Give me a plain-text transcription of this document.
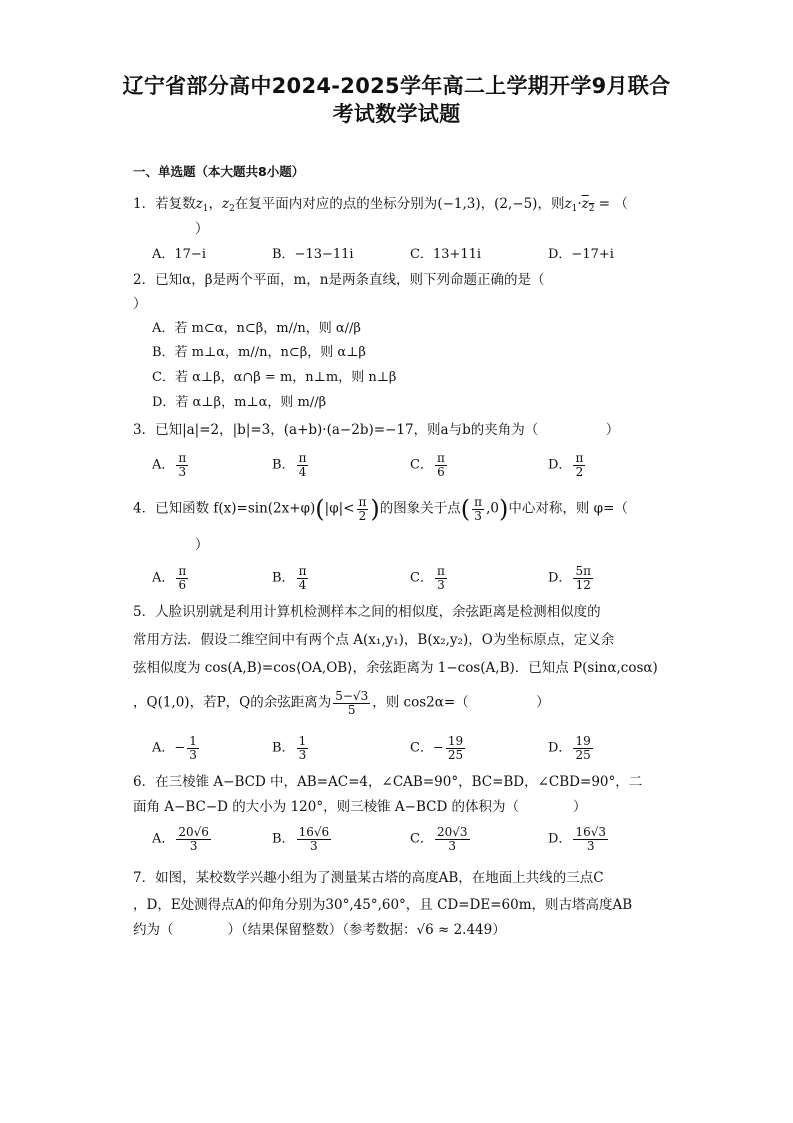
辽宁省部分高中2024-2025学年高二上学期开学9月联合
考试数学试题
一、单选题（本大题共8小题）
1．若复数$z_1$，$z_2$在复平面内对应的点的坐标分别为(−1,3)，(2,−5)，则$z_1\cdot z_2$ = （
）
A．17−i	B．−13−11i	C．13+11i	D．−17+i
2．已知α，β是两个平面，m，n是两条直线，则下列命题正确的是（
）
A．若 m⊂α，n⊂β，m//n，则 α//β
B．若 m⊥α，m//n，n⊂β，则 α⊥β
C．若 α⊥β，α∩β = m，n⊥m，则 n⊥β
D．若 α⊥β，m⊥α，则 m//β
3．已知|a|=2，|b|=3，(a+b)·(a−2b)=−17，则a与b的夹角为（　　　　　）
A． $\frac{\pi}{3}$	B． $\frac{\pi}{4}$	C． $\frac{\pi}{6}$	D． $\frac{\pi}{2}$
4．已知函数 $f(x)=\sin(2x+\varphi)(|\varphi|< \frac{\pi}{2}$ )的图象关于点( $\frac{\pi}{3} ,0$)中心对称，则 φ=（
）
A． $\frac{\pi}{6}$	B． $\frac{\pi}{4}$	C． $\frac{\pi}{3}$	D． $\frac{5\pi}{12}$
5．人脸识别就是利用计算机检测样本之间的相似度，余弦距离是检测相似度的
常用方法．假设二维空间中有两个点 A(x₁,y₁)，B(x₂,y₂)，O为坐标原点，定义余
弦相似度为 cos(A,B)=cos⟨OA,OB⟩，余弦距离为 1−cos(A,B)．已知点 P(sinα,cosα)
，Q(1,0)，若P，Q的余弦距离为 $\frac{5-√3}{5}$ ，则 cos2α=（　　　　　）
A．− $\frac{1}{3}$	B． $\frac{1}{3}$	C．− $\frac{19}{25}$	D． $\frac{19}{25}$
6．在三棱锥 A−BCD 中，AB=AC=4，∠CAB=90°，BC=BD，∠CBD=90°，二
面角 A−BC−D 的大小为 120°，则三棱锥 A−BCD 的体积为（　　　　）
A． $\frac{20√6}{3}$	B． $\frac{16√6}{3}$	C． $\frac{20√3}{3}$	D． $\frac{16√3}{3}$
7．如图，某校数学兴趣小组为了测量某古塔的高度AB，在地面上共线的三点C
，D，E处测得点A的仰角分别为30°,45°,60°，且 CD=DE=60m，则古塔高度AB
约为（　　　　）（结果保留整数）（参考数据：√6 ≈ 2.449）
